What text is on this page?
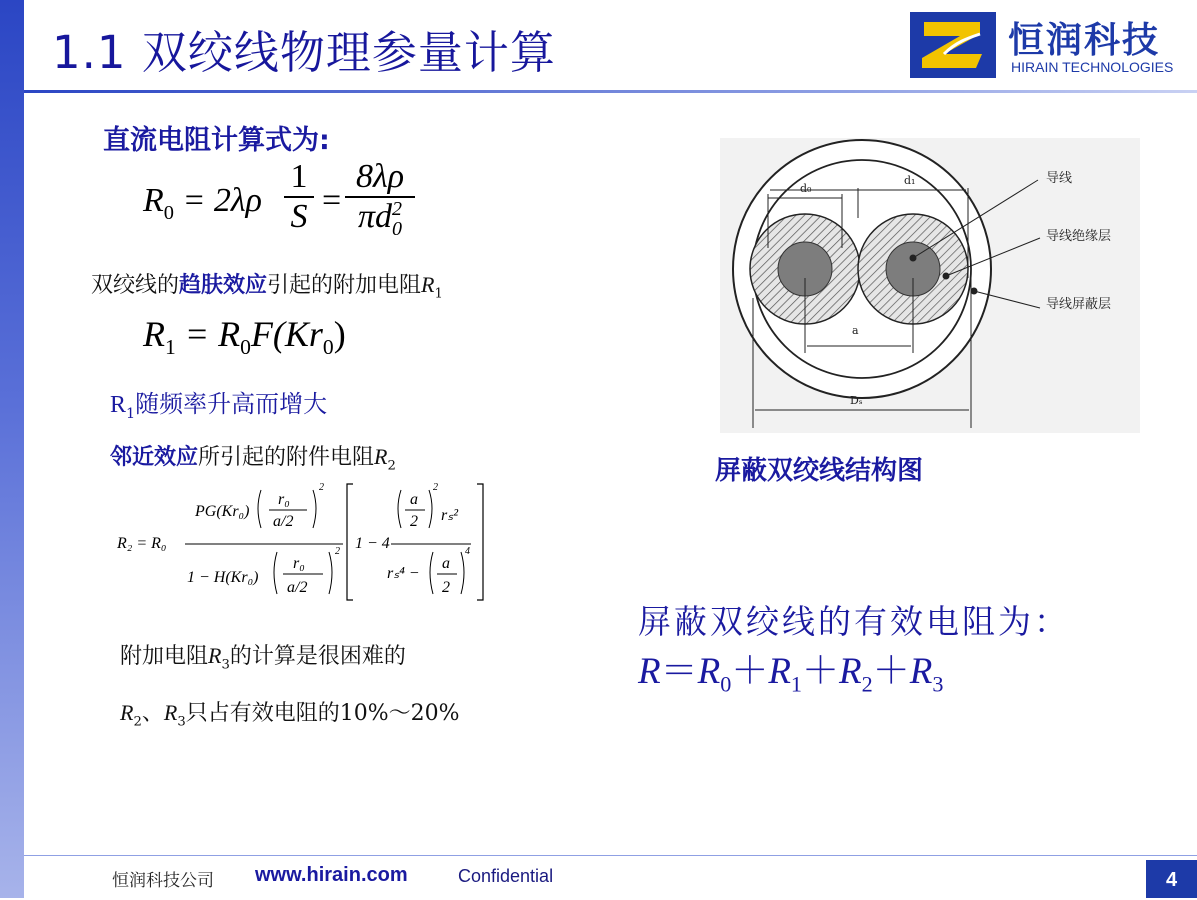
1.1 双绞线物理参量计算	恒润科技
HIRAIN TECHNOLOGIES
直流电阻计算式为:
$R_0 = 2\lambda\rho$
1
S =
8λρ
πd 2
0
双绞线的趋肤效应引起的附加电阻$R_1$
$R_1 = R_0F(Kr_0)$
$R_1$随频率升高而增大
邻近效应所引起的附件电阻$R_2$
R₂ = R₀
PG(Kr₀)
r₀
a/2
2
1 − H(Kr₀)
r₀
a/2
2 1 − 4
a
2
2
rₛ²
rₛ⁴ −
a
2
4
附加电阻$R_3$的计算是很困难的
$R_2$、$R_3$只占有效电阻的10%～20%
d₀
d₁
a
Dₛ
导线
导线绝缘层
导线屏蔽层
屏蔽双绞线结构图
屏蔽双绞线的有效电阻为：
$R=R_0+R_1+R_2+R_3$
恒润科技公司 www.hirain.com	Confidential	4
